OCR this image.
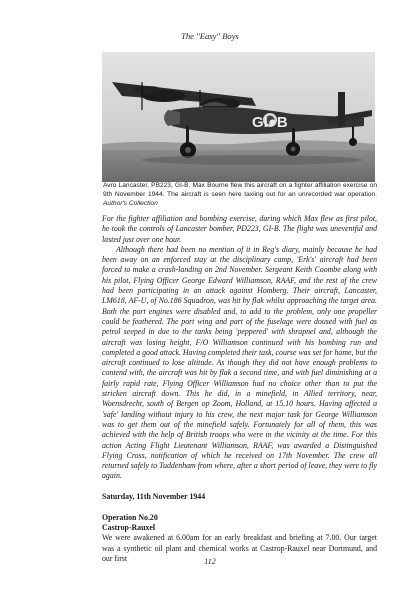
The "Easy" Boys
GI●B
Avro Lancaster, PB223, GI-B. Max Bourne flew this aircraft on a fighter affiliation exercise on 9th November 1944. The aircraft is seen here taxiing out for an unrecorded war operation. Author's Collection

For the fighter affiliation and bombing exercise, during which Max flew as first pilot, he took the controls of Lancaster bomber, PD223, GI-B. The flight was uneventful and lasted just over one hour.

Although there had been no mention of it in Reg's diary, mainly because he had been away on an enforced stay at the disciplinary camp, 'Erk's' aircraft had been forced to make a crash-landing on 2nd November. Sergeant Keith Coombe along with his pilot, Flying Officer George Edward Williamson, RAAF, and the rest of the crew had been participating in an attack against Homberg. Their aircraft, Lancaster, LM618, AF-U, of No.186 Squadron, was hit by flak whilst approaching the target area. Both the port engines were disabled and, to add to the problem, only one propeller could be feathered. The port wing and part of the fuselage were doused with fuel as petrol seeped in due to the tanks being 'peppered' with shrapnel and, although the aircraft was losing height, F/O Williamson continued with his bombing run and completed a good attack. Having completed their task, course was set for home, but the aircraft continued to lose altitude. As though they did not have enough problems to contend with, the aircraft was hit by flak a second time, and with fuel diminishing at a fairly rapid rate, Flying Officer Williamson had no choice other than to put the stricken aircraft down. This he did, in a minefield, in Allied territory, near, Woensdrecht, south of Bergen op Zoom, Holland, at 15.10 hours. Having affected a 'safe' landing without injury to his crew, the next major task for George Williamson was to get them out of the minefield safely. Fortunately for all of them, this was achieved with the help of British troops who were in the vicinity at the time. For this action Acting Flight Lieutenant Williamson, RAAF, was awarded a Distinguished Flying Cross, notification of which he received on 17th November. The crew all returned safely to Tuddenham from where, after a short period of leave, they were to fly again.

Saturday, 11th November 1944

Operation No.20

Castrop-Rauxel

We were awakened at 6.00am for an early breakfast and briefing at 7.00. Our target was a synthetic oil plant and chemical works at Castrop-Rauxel near Dortmund, and our first	112
